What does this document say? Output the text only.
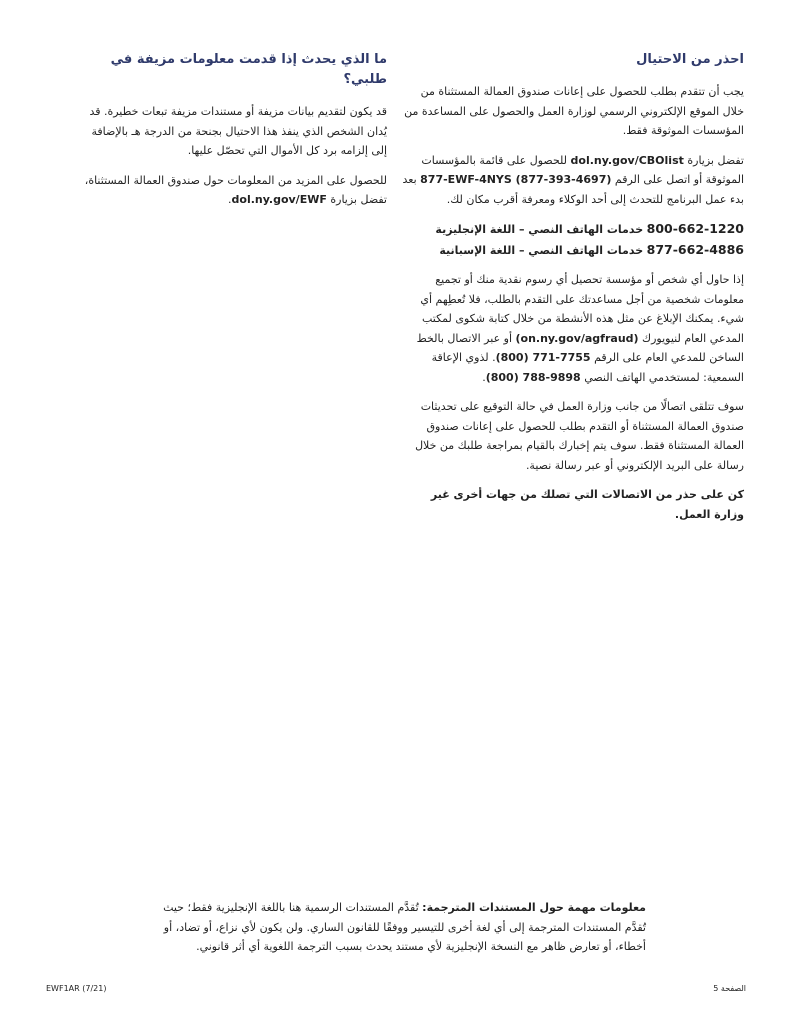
احذر من الاحتيال

يجب أن تتقدم بطلب للحصول على إعانات صندوق العمالة المستثناة من خلال الموقع الإلكتروني الرسمي لوزارة العمل والحصول على المساعدة من المؤسسات الموثوقة فقط.

تفضل بزيارة dol.ny.gov/CBOlist للحصول على قائمة بالمؤسسات الموثوقة أو اتصل على الرقم 877-EWF-4NYS (877-393-4697) بعد بدء عمل البرنامج للتحدث إلى أحد الوكلاء ومعرفة أقرب مكان لك.

800-662-1220 خدمات الهاتف النصي – اللغة الإنجليزية

877-662-4886 خدمات الهاتف النصي – اللغة الإسبانية

إذا حاول أي شخص أو مؤسسة تحصيل أي رسوم نقدية منك أو تجميع معلومات شخصية من أجل مساعدتك على التقدم بالطلب، فلا تُعطِهم أي شيء. يمكنك الإبلاغ عن مثل هذه الأنشطة من خلال كتابة شكوى لمكتب المدعي العام لنيويورك (on.ny.gov/agfraud) أو عبر الاتصال بالخط الساخن للمدعي العام على الرقم (800) 771-7755. لذوي الإعاقة السمعية: لمستخدمي الهاتف النصي (800) 788-9898.

سوف تتلقى اتصالًا من جانب وزارة العمل في حالة التوقيع على تحديثات صندوق العمالة المستثناة أو التقدم بطلب للحصول على إعانات صندوق العمالة المستثناة فقط. سوف يتم إخبارك بالقيام بمراجعة طلبك من خلال رسالة على البريد الإلكتروني أو عبر رسالة نصية.

كن على حذر من الاتصالات التي تصلك من جهات أخرى غير وزارة العمل.

ما الذي يحدث إذا قدمت معلومات مزيفة في طلبي؟

قد يكون لتقديم بيانات مزيفة أو مستندات مزيفة تبعات خطيرة. قد يُدان الشخص الذي ينفذ هذا الاحتيال بجنحة من الدرجة هـ بالإضافة إلى إلزامه برد كل الأموال التي تحصّل عليها.

للحصول على المزيد من المعلومات حول صندوق العمالة المستثناة، تفضل بزيارة dol.ny.gov/EWF.

معلومات مهمة حول المستندات المترجمة: تُقدَّم المستندات الرسمية هنا باللغة الإنجليزية فقط؛ حيث تُقدَّم المستندات المترجمة إلى أي لغة أخرى للتيسير ووفقًا للقانون الساري. ولن يكون لأي نزاع، أو تضاد، أو أخطاء، أو تعارض ظاهر مع النسخة الإنجليزية لأي مستند يحدث بسبب الترجمة اللغوية أي أثر قانوني.
EWF1AR (7/21)	الصفحة 5
